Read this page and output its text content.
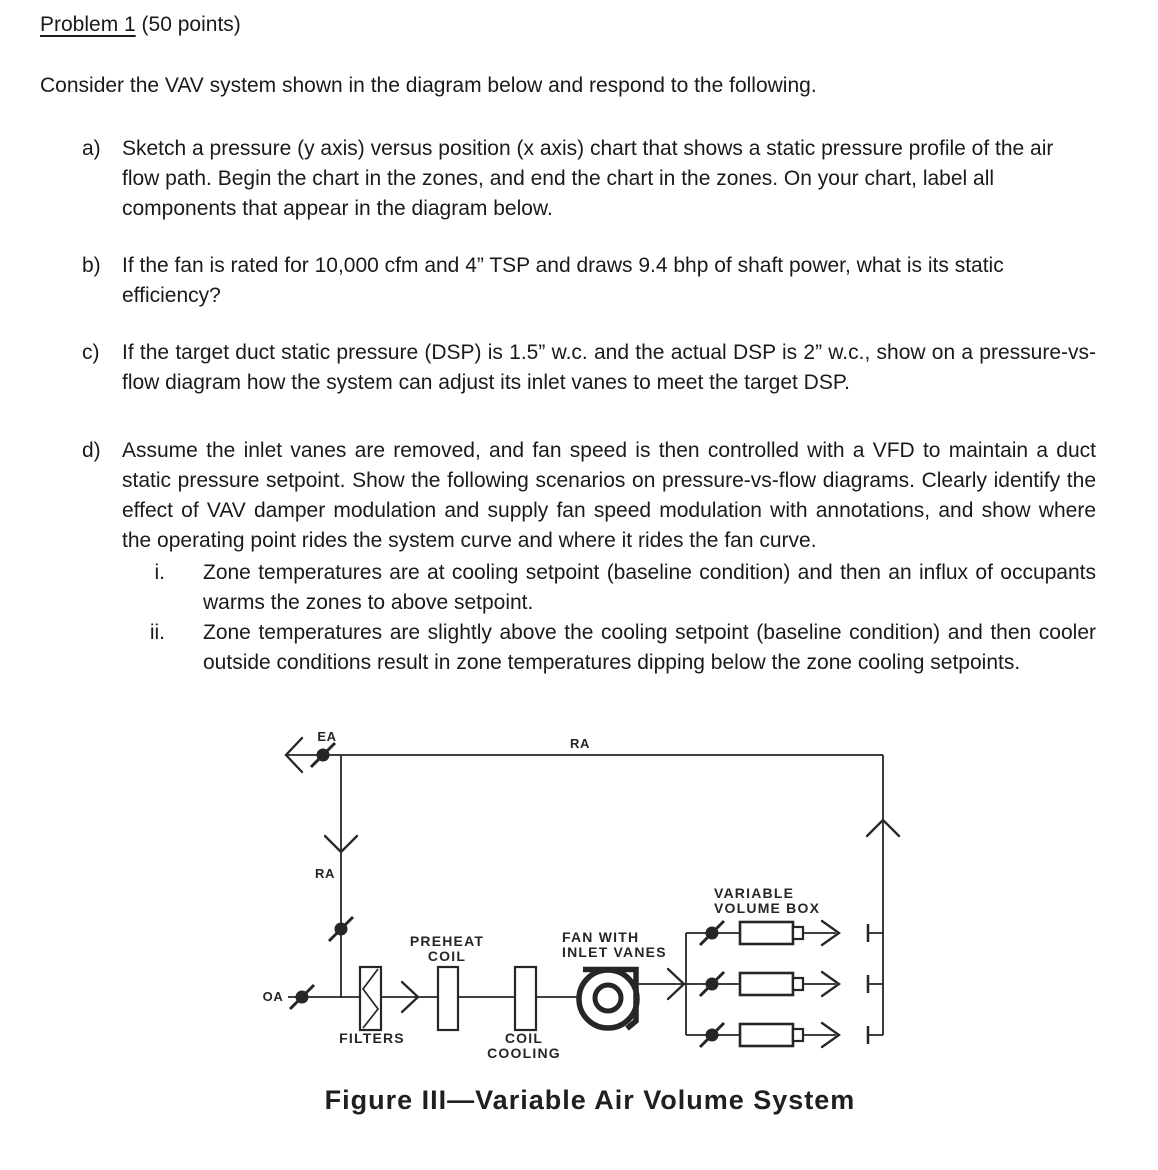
Problem 1 (50 points)
Consider the VAV system shown in the diagram below and respond to the following.
a)	Sketch a pressure (y axis) versus position (x axis) chart that shows a static pressure profile of the air flow path. Begin the chart in the zones, and end the chart in the zones. On your chart, label all components that appear in the diagram below.
b)	If the fan is rated for 10,000 cfm and 4” TSP and draws 9.4 bhp of shaft power, what is its static efficiency?
c)	If the target duct static pressure (DSP) is 1.5” w.c. and the actual DSP is 2” w.c., show on a pressure-vs-flow diagram how the system can adjust its inlet vanes to meet the target DSP.
d)	Assume the inlet vanes are removed, and fan speed is then controlled with a VFD to maintain a duct static pressure setpoint. Show the following scenarios on pressure-vs-flow diagrams. Clearly identify the effect of VAV damper modulation and supply fan speed modulation with annotations, and show where the operating point rides the system curve and where it rides the fan curve.
i. Zone temperatures are at cooling setpoint (baseline condition) and then an influx of occupants warms the zones to above setpoint.
ii. Zone temperatures are slightly above the cooling setpoint (baseline condition) and then cooler outside conditions result in zone temperatures dipping below the zone cooling setpoints.
EA	RA
RA
OA
FILTERS
PREHEAT
COIL
COIL
COOLING
FAN WITH
INLET VANES
VARIABLE
VOLUME BOX
Figure III—Variable Air Volume System
